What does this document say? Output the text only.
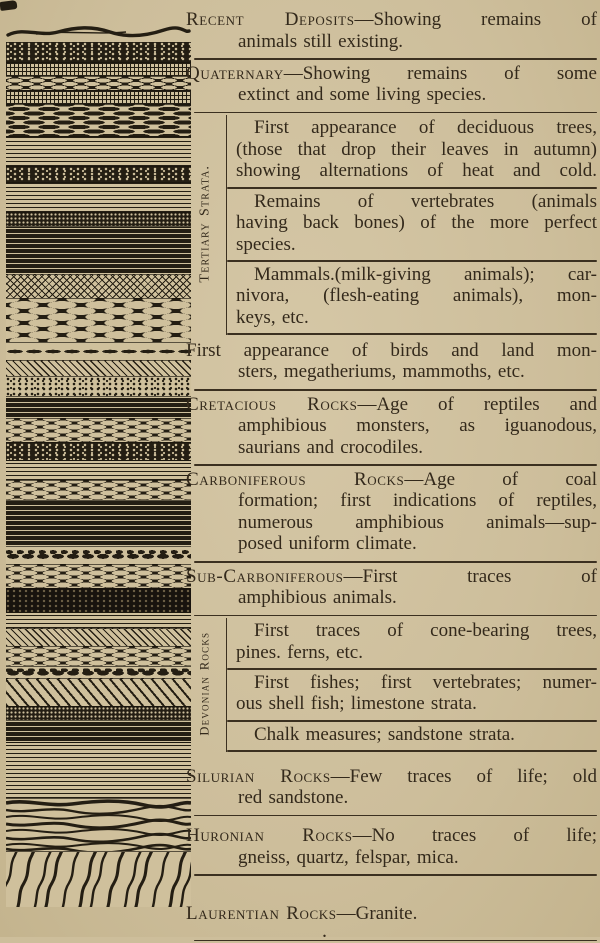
Recent Deposits—Showing remains of
animals still existing.
Quaternary—Showing remains of some
extinct and some living species.
Tertiary Strata.
First appearance of deciduous trees,
(those that drop their leaves in autumn)
showing alternations of heat and cold.
Remains of vertebrates (animals
having back bones) of the more perfect
species.
Mammals.(milk-giving animals); car-
nivora, (flesh-eating animals), mon-
keys, etc.
First appearance of birds and land mon-
sters, megatheriums, mammoths, etc.
Cretacious Rocks—Age of reptiles and
amphibious monsters, as iguanodous,
saurians and crocodiles.
Carboniferous Rocks—Age of coal
formation; first indications of reptiles,
numerous amphibious animals—sup-
posed uniform climate.
Sub-Carboniferous—First traces of
amphibious animals.
Devonian Rocks
First traces of cone-bearing trees,
pines. ferns, etc.
First fishes; first vertebrates; numer-
ous shell fish; limestone strata.
Chalk measures; sandstone strata.
Silurian Rocks—Few traces of life; old
red sandstone.
Huronian Rocks—No traces of life;
gneiss, quartz, felspar, mica.
Laurentian Rocks—Granite.
.
